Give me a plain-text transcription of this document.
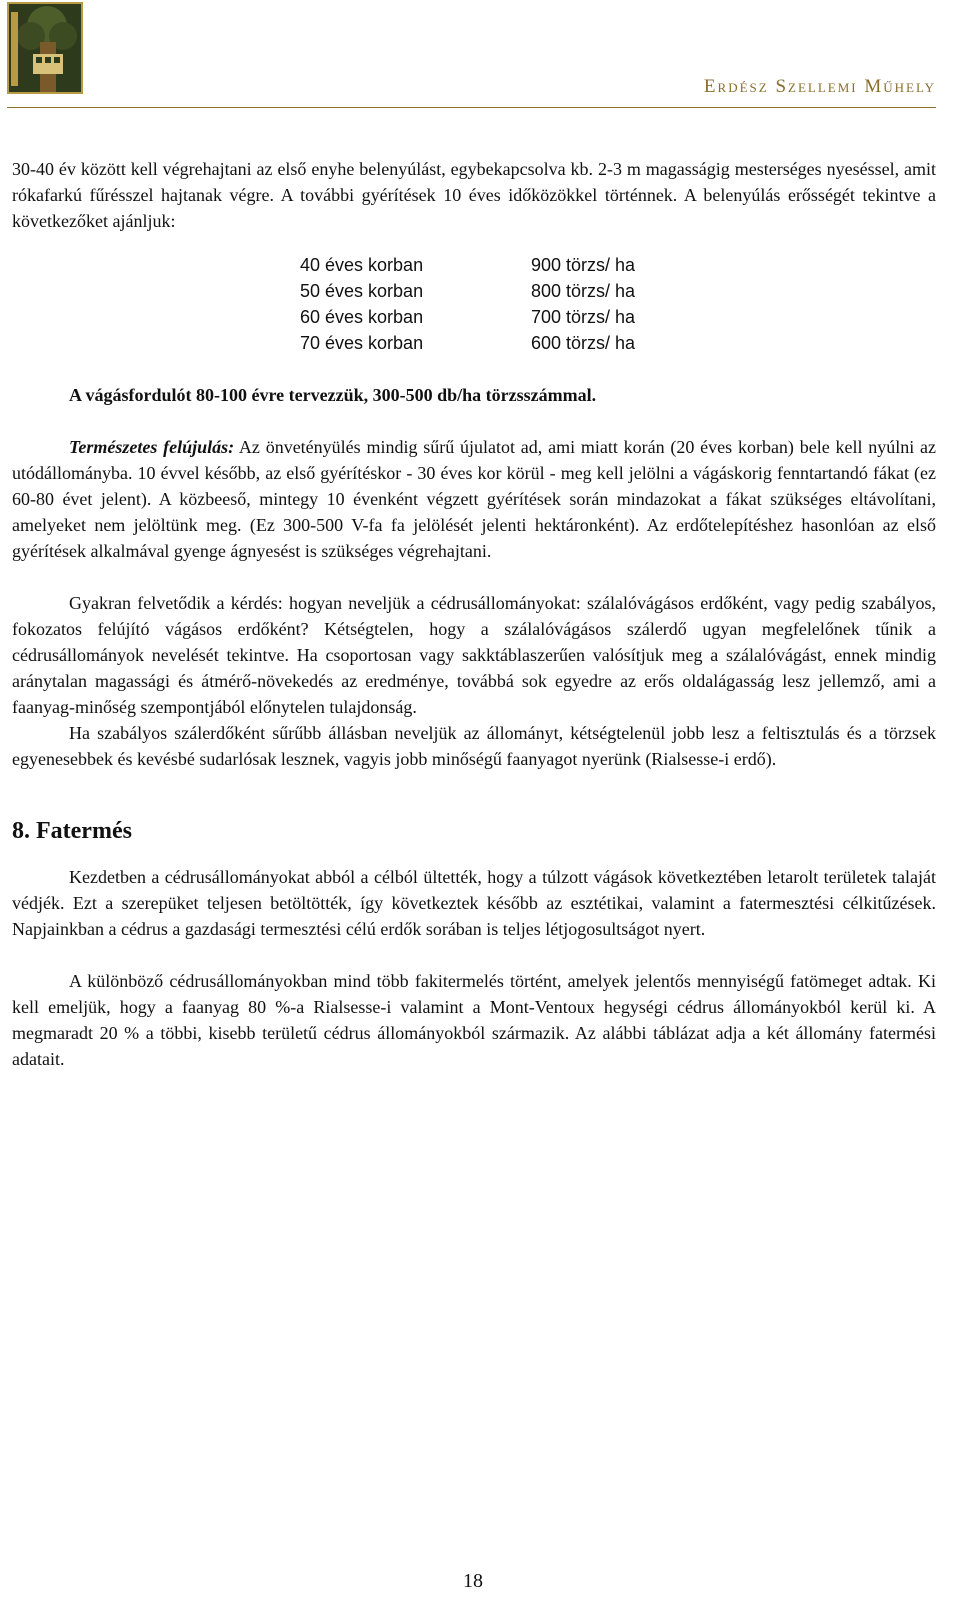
Erdész Szellemi Műhely

30-40 év között kell végrehajtani az első enyhe belenyúlást, egybekapcsolva kb. 2-3 m magasságig mesterséges nyeséssel, amit rókafarkú fűrésszel hajtanak végre. A további gyérítések 10 éves időközökkel történnek. A belenyúlás erősségét tekintve a következőket ajánljuk:

40 éves korban
50 éves korban
60 éves korban
70 éves korban
900 törzs/ ha
800 törzs/ ha
700 törzs/ ha
600 törzs/ ha

A vágásfordulót 80-100 évre tervezzük, 300-500 db/ha törzsszámmal.

Természetes felújulás: Az önvetényülés mindig sűrű újulatot ad, ami miatt korán (20 éves korban) bele kell nyúlni az utódállományba. 10 évvel később, az első gyérítéskor - 30 éves kor körül - meg kell jelölni a vágáskorig fenntartandó fákat (ez 60-80 évet jelent). A közbeeső, mintegy 10 évenként végzett gyérítések során mindazokat a fákat szükséges eltávolítani, amelyeket nem jelöltünk meg. (Ez 300-500 V-fa fa jelölését jelenti hektáronként). Az erdőtelepítéshez hasonlóan az első gyérítések alkalmával gyenge ágnyesést is szükséges végrehajtani.

Gyakran felvetődik a kérdés: hogyan neveljük a cédrusállományokat: szálalóvágásos erdőként, vagy pedig szabályos, fokozatos felújító vágásos erdőként? Kétségtelen, hogy a szálalóvágásos szálerdő ugyan megfelelőnek tűnik a cédrusállományok nevelését tekintve. Ha csoportosan vagy sakktáblaszerűen valósítjuk meg a szálalóvágást, ennek mindig aránytalan magassági és átmérő-növekedés az eredménye, továbbá sok egyedre az erős oldalágasság lesz jellemző, ami a faanyag-minőség szempontjából előnytelen tulajdonság.

Ha szabályos szálerdőként sűrűbb állásban neveljük az állományt, kétségtelenül jobb lesz a feltisztulás és a törzsek egyenesebbek és kevésbé sudarlósak lesznek, vagyis jobb minőségű faanyagot nyerünk (Rialsesse-i erdő).

8. Fatermés

Kezdetben a cédrusállományokat abból a célból ültették, hogy a túlzott vágások következtében letarolt területek talaját védjék. Ezt a szerepüket teljesen betöltötték, így következtek később az esztétikai, valamint a fatermesztési célkitűzések. Napjainkban a cédrus a gazdasági termesztési célú erdők sorában is teljes létjogosultságot nyert.

A különböző cédrusállományokban mind több fakitermelés történt, amelyek jelentős mennyiségű fatömeget adtak. Ki kell emeljük, hogy a faanyag 80 %-a Rialsesse-i valamint a Mont-Ventoux hegységi cédrus állományokból kerül ki. A megmaradt 20 % a többi, kisebb területű cédrus állományokból származik. Az alábbi táblázat adja a két állomány fatermési adatait.

18
